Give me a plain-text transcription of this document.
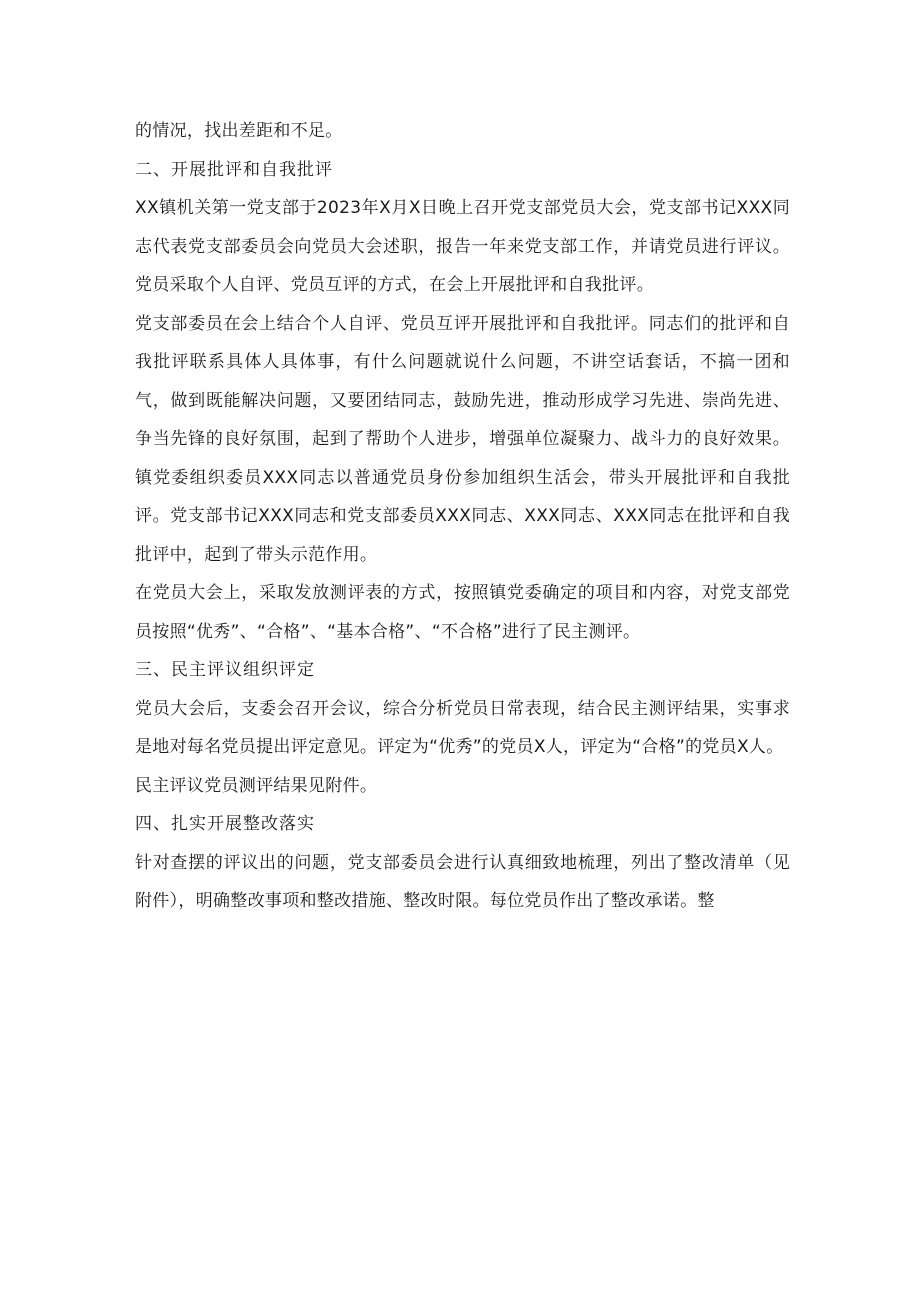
的情况，找出差距和不足。

二、开展批评和自我批评

XX镇机关第一党支部于2023年X月X日晚上召开党支部党员大会，党支部书记XXX同志代表党支部委员会向党员大会述职，报告一年来党支部工作，并请党员进行评议。党员采取个人自评、党员互评的方式，在会上开展批评和自我批评。

党支部委员在会上结合个人自评、党员互评开展批评和自我批评。同志们的批评和自我批评联系具体人具体事，有什么问题就说什么问题，不讲空话套话，不搞一团和气，做到既能解决问题，又要团结同志，鼓励先进，推动形成学习先进、崇尚先进、争当先锋的良好氛围，起到了帮助个人进步，增强单位凝聚力、战斗力的良好效果。镇党委组织委员XXX同志以普通党员身份参加组织生活会，带头开展批评和自我批评。党支部书记XXX同志和党支部委员XXX同志、XXX同志、XXX同志在批评和自我批评中，起到了带头示范作用。

在党员大会上，采取发放测评表的方式，按照镇党委确定的项目和内容，对党支部党员按照“优秀”、“合格”、“基本合格”、“不合格”进行了民主测评。

三、民主评议组织评定

党员大会后，支委会召开会议，综合分析党员日常表现，结合民主测评结果，实事求是地对每名党员提出评定意见。评定为“优秀”的党员X人，评定为“合格”的党员X人。

民主评议党员测评结果见附件。

四、扎实开展整改落实

针对查摆的评议出的问题，党支部委员会进行认真细致地梳理，列出了整改清单（见附件），明确整改事项和整改措施、整改时限。每位党员作出了整改承诺。整
